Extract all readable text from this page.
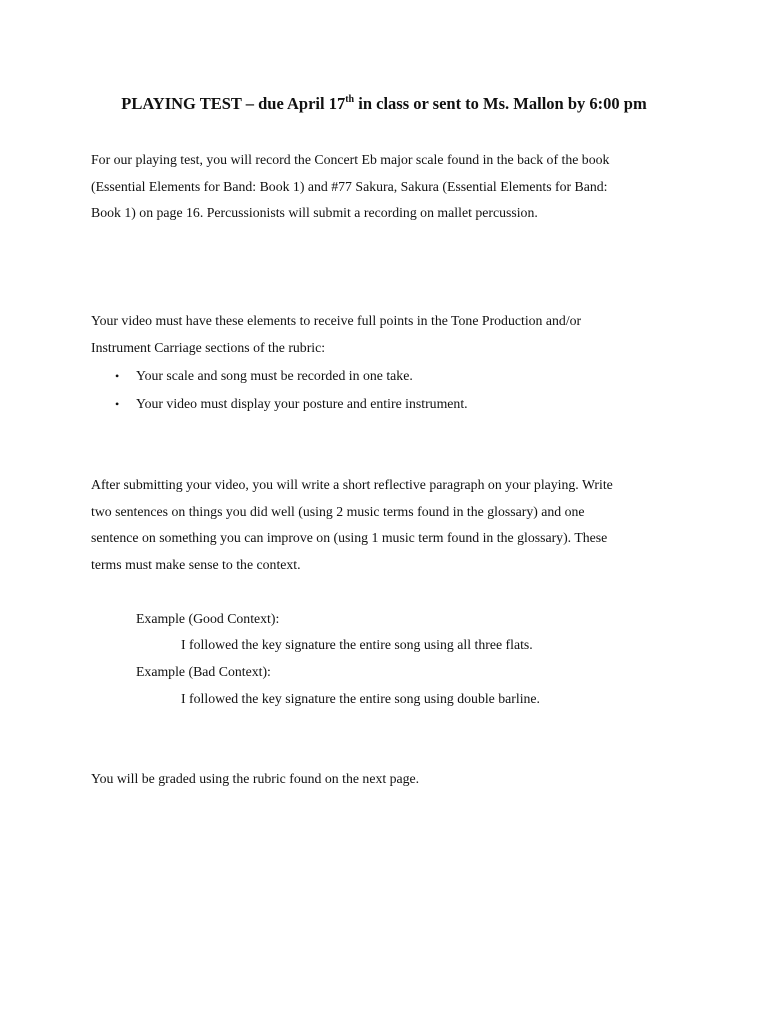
PLAYING TEST – due April 17th in class or sent to Ms. Mallon by 6:00 pm
For our playing test, you will record the Concert Eb major scale found in the back of the book
(Essential Elements for Band: Book 1) and #77 Sakura, Sakura (Essential Elements for Band:
Book 1) on page 16. Percussionists will submit a recording on mallet percussion.
Your video must have these elements to receive full points in the Tone Production and/or
Instrument Carriage sections of the rubric:
• Your scale and song must be recorded in one take.
• Your video must display your posture and entire instrument.
After submitting your video, you will write a short reflective paragraph on your playing. Write
two sentences on things you did well (using 2 music terms found in the glossary) and one
sentence on something you can improve on (using 1 music term found in the glossary). These
terms must make sense to the context.
Example (Good Context):
I followed the key signature the entire song using all three flats.
Example (Bad Context):
I followed the key signature the entire song using double barline.
You will be graded using the rubric found on the next page.
